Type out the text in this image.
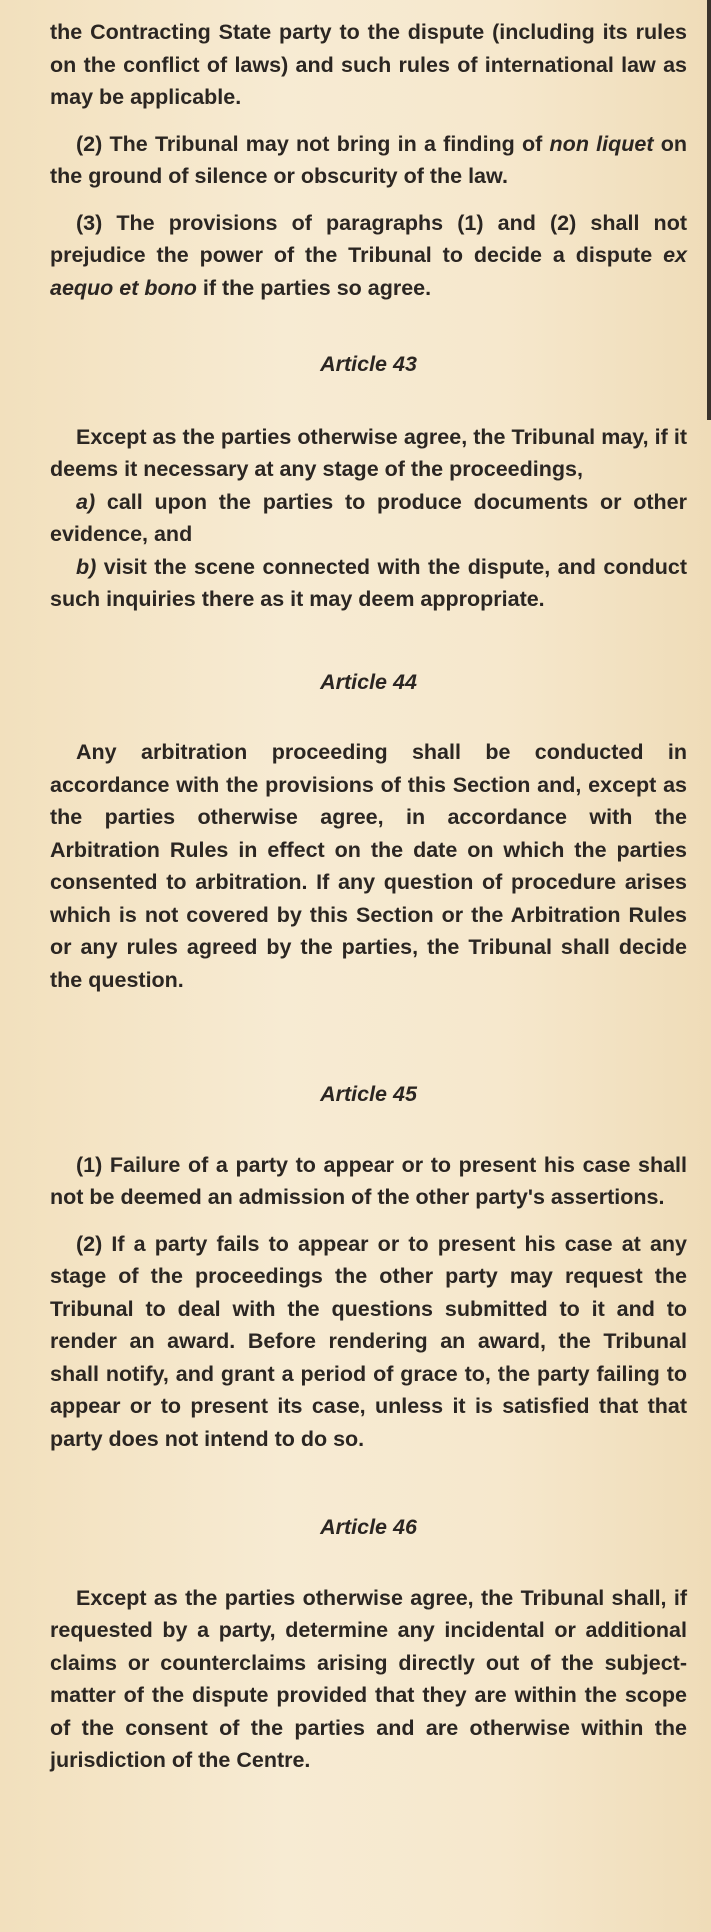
the Contracting State party to the dispute (including its rules on the conflict of laws) and such rules of international law as may be applicable.

(2) The Tribunal may not bring in a finding of non liquet on the ground of silence or obscurity of the law.

(3) The provisions of paragraphs (1) and (2) shall not prejudice the power of the Tribunal to decide a dispute ex aequo et bono if the parties so agree.

Article 43

Except as the parties otherwise agree, the Tribunal may, if it deems it necessary at any stage of the proceedings,

a) call upon the parties to produce documents or other evidence, and

b) visit the scene connected with the dispute, and conduct such inquiries there as it may deem appropriate.

Article 44

Any arbitration proceeding shall be conducted in accordance with the provisions of this Section and, except as the parties otherwise agree, in accordance with the Arbitration Rules in effect on the date on which the parties consented to arbitration. If any question of procedure arises which is not covered by this Section or the Arbitration Rules or any rules agreed by the parties, the Tribunal shall decide the question.

Article 45

(1) Failure of a party to appear or to present his case shall not be deemed an admission of the other party's assertions.

(2) If a party fails to appear or to present his case at any stage of the proceedings the other party may request the Tribunal to deal with the questions submitted to it and to render an award. Before rendering an award, the Tribunal shall notify, and grant a period of grace to, the party failing to appear or to present its case, unless it is satisfied that that party does not intend to do so.

Article 46

Except as the parties otherwise agree, the Tribunal shall, if requested by a party, determine any incidental or additional claims or counterclaims arising directly out of the subject-matter of the dispute provided that they are within the scope of the consent of the parties and are otherwise within the jurisdiction of the Centre.
